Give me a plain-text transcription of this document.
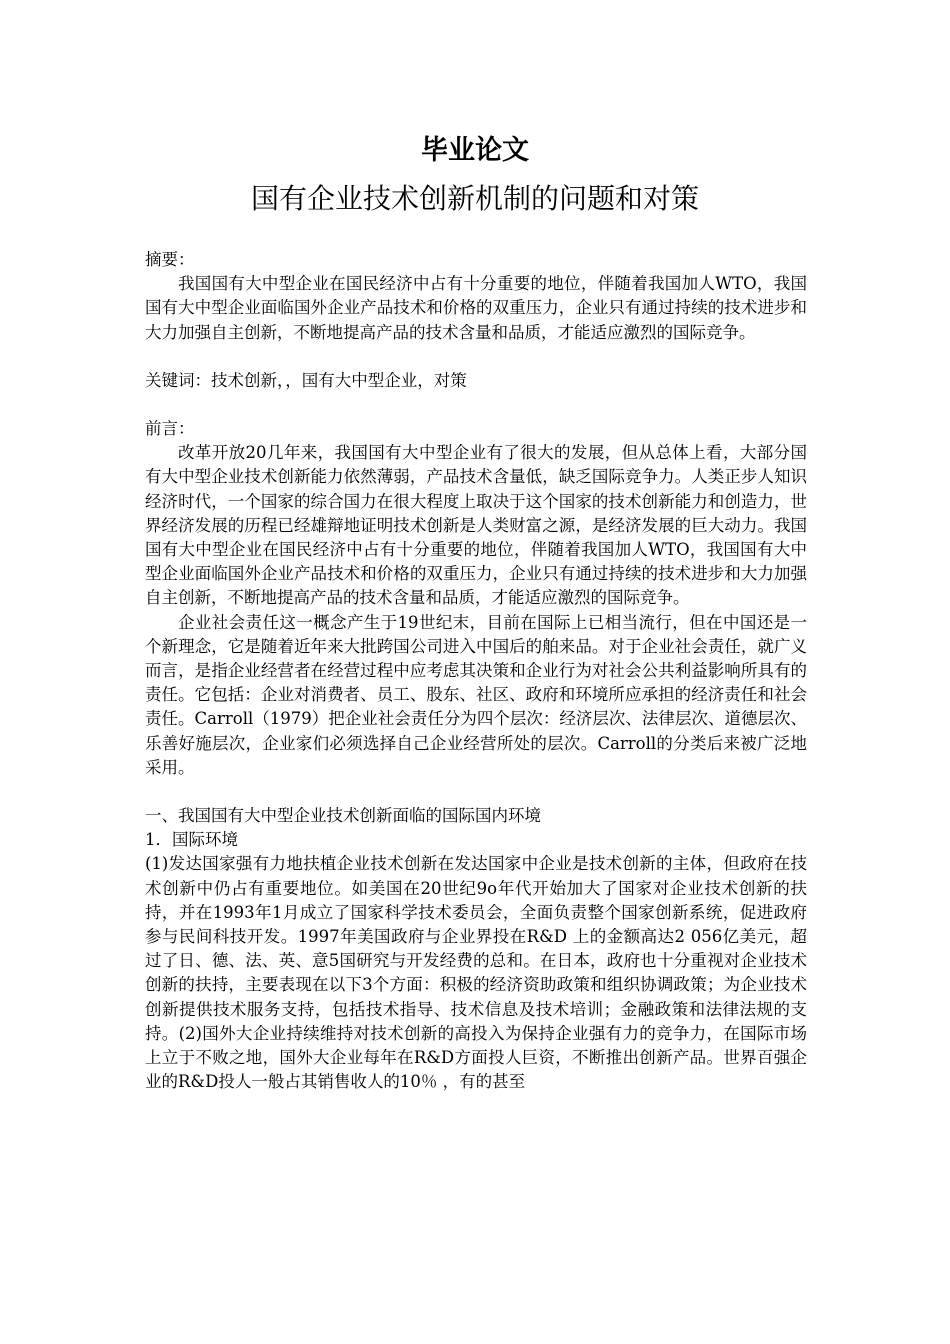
毕业论文
国有企业技术创新机制的问题和对策

摘要：

我国国有大中型企业在国民经济中占有十分重要的地位，伴随着我国加人WTO，我国国有大中型企业面临国外企业产品技术和价格的双重压力，企业只有通过持续的技术进步和大力加强自主创新，不断地提高产品的技术含量和品质，才能适应激烈的国际竞争。

关键词：技术创新，，国有大中型企业，对策

前言：

改革开放20几年来，我国国有大中型企业有了很大的发展，但从总体上看，大部分国有大中型企业技术创新能力依然薄弱，产品技术含量低，缺乏国际竞争力。人类正步人知识经济时代，一个国家的综合国力在很大程度上取决于这个国家的技术创新能力和创造力，世界经济发展的历程已经雄辩地证明技术创新是人类财富之源，是经济发展的巨大动力。我国国有大中型企业在国民经济中占有十分重要的地位，伴随着我国加人WTO，我国国有大中型企业面临国外企业产品技术和价格的双重压力，企业只有通过持续的技术进步和大力加强自主创新，不断地提高产品的技术含量和品质，才能适应激烈的国际竞争。

企业社会责任这一概念产生于19世纪末，目前在国际上已相当流行，但在中国还是一个新理念，它是随着近年来大批跨国公司进入中国后的舶来品。对于企业社会责任，就广义而言，是指企业经营者在经营过程中应考虑其决策和企业行为对社会公共利益影响所具有的责任。它包括：企业对消费者、员工、股东、社区、政府和环境所应承担的经济责任和社会责任。Carroll（1979）把企业社会责任分为四个层次：经济层次、法律层次、道德层次、乐善好施层次，企业家们必须选择自己企业经营所处的层次。Carroll的分类后来被广泛地采用。

一、我国国有大中型企业技术创新面临的国际国内环境

1．国际环境

(1)发达国家强有力地扶植企业技术创新在发达国家中企业是技术创新的主体，但政府在技术创新中仍占有重要地位。如美国在20世纪9o年代开始加大了国家对企业技术创新的扶持，并在1993年1月成立了国家科学技术委员会，全面负责整个国家创新系统，促进政府参与民间科技开发。1997年美国政府与企业界投在R&D 上的金额高达2 056亿美元，超过了日、德、法、英、意5国研究与开发经费的总和。在日本，政府也十分重视对企业技术创新的扶持，主要表现在以下3个方面：积极的经济资助政策和组织协调政策；为企业技术创新提供技术服务支持，包括技术指导、技术信息及技术培训；金融政策和法律法规的支持。(2)国外大企业持续维持对技术创新的高投入为保持企业强有力的竞争力，在国际市场上立于不败之地，国外大企业每年在R&D方面投人巨资，不断推出创新产品。世界百强企业的R&D投人一般占其销售收人的10％ ，有的甚至
